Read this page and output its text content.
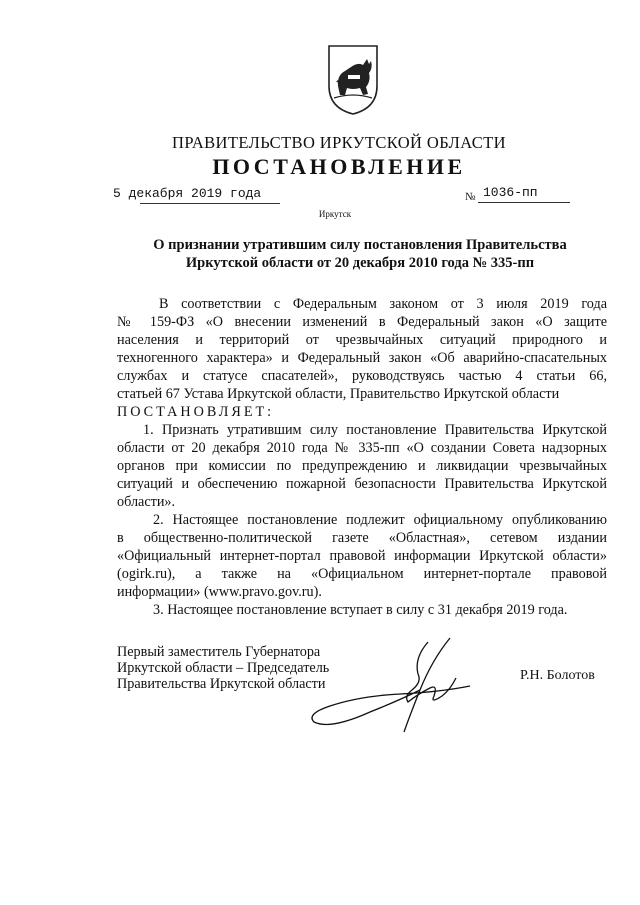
ПРАВИТЕЛЬСТВО ИРКУТСКОЙ ОБЛАСТИ
ПОСТАНОВЛЕНИЕ
5 декабря 2019 года	№ 1036-пп
Иркутск
О признании утратившим силу постановления Правительства
Иркутской области от 20 декабря 2010 года № 335-пп
В соответствии с Федеральным законом от 3 июля 2019 года
№ 159-ФЗ «О внесении изменений в Федеральный закон «О защите
населения и территорий от чрезвычайных ситуаций природного и
техногенного характера» и Федеральный закон «Об аварийно-спасательных
службах и статусе спасателей», руководствуясь частью 4 статьи 66,
статьей 67 Устава Иркутской области, Правительство Иркутской области
ПОСТАНОВЛЯЕТ:
1. Признать утратившим силу постановление Правительства Иркутской
области от 20 декабря 2010 года № 335-пп «О создании Совета надзорных
органов при комиссии по предупреждению и ликвидации чрезвычайных
ситуаций и обеспечению пожарной безопасности Правительства Иркутской
области».
2. Настоящее постановление подлежит официальному опубликованию
в общественно-политической газете «Областная», сетевом издании
«Официальный интернет-портал правовой информации Иркутской области»
(ogirk.ru), а также на «Официальном интернет-портале правовой
информации» (www.pravo.gov.ru).
3. Настоящее постановление вступает в силу с 31 декабря 2019 года.
Первый заместитель Губернатора
Иркутской области – Председатель
Правительства Иркутской области
Р.Н. Болотов
